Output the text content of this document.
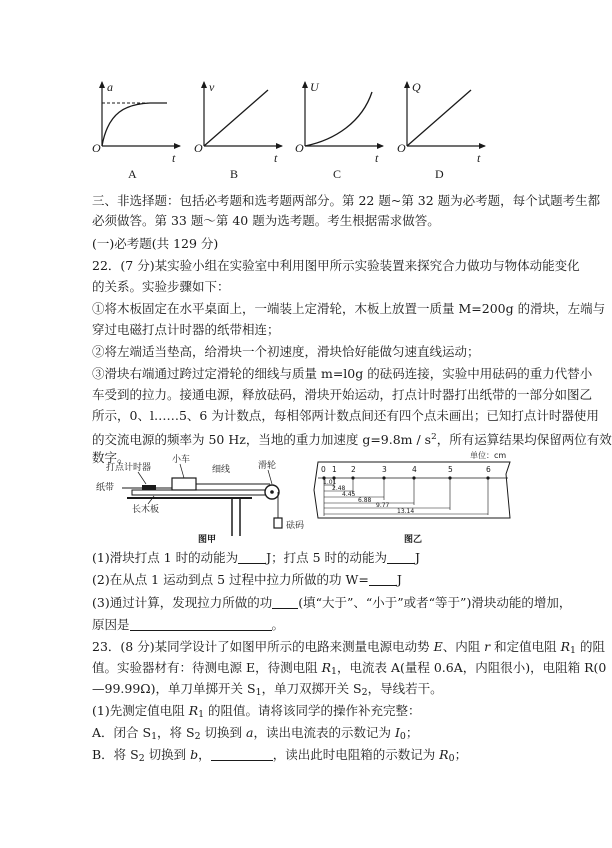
a
O
t
A
v
O
t
B
U
O
t
C
Q
O
t
D
三、非选择题：包括必考题和选考题两部分。第 22 题~第 32 题为必考题，每个试题考生都
必须做答。第 33 题～第 40 题为选考题。考生根据需求做答。
(一)必考题(共 129 分)
22．(7 分)某实验小组在实验室中利用图甲所示实验装置来探究合力做功与物体动能变化
的关系。实验步骤如下：
①将木板固定在水平桌面上，一端装上定滑轮，木板上放置一质量 M=200g 的滑块，左端与
穿过电磁打点计时器的纸带相连；
②将左端适当垫高，给滑块一个初速度，滑块恰好能做匀速直线运动；
③滑块右端通过跨过定滑轮的细线与质量 m=l0g 的砝码连接，实验中用砝码的重力代替小
车受到的拉力。接通电源，释放砝码，滑块开始运动，打点计时器打出纸带的一部分如图乙
所示，0、l……5、6 为计数点，每相邻两计数点间还有四个点未画出；已知打点计时器使用
的交流电源的频率为 50 Hz，当地的重力加速度 $g=9.8m / s^2$，所有运算结果均保留两位有效
数字。
打点计时器
小车
细线	滑轮
纸带
长木板
砝码
图甲
单位：cm
0 1 2	3	4	5	6
1.01
2.48
4.45
6.88
9.77
13.14
图乙
(1)滑块打点 1 时的动能为 J；打点 5 时的动能为 J
(2)在从点 1 运动到点 5 过程中拉力所做的功 W= J
(3)通过计算，发现拉力所做的功 (填“大于”、“小于”或者“等于”)滑块动能的增加，
原因是	。
23．(8 分)某同学设计了如图甲所示的电路来测量电源电动势 E、内阻 r 和定值电阻 $R_1$ 的阻
值。实验器材有：待测电源 E，待测电阻 $R_1$，电流表 A(量程 0.6A，内阻很小)，电阻箱 R(0
—99.99Ω)，单刀单掷开关 $S_1$，单刀双掷开关 $S_2$，导线若干。
(1)先测定值电阻 $R_1$ 的阻值。请将该同学的操作补充完整：
A．闭合 $S_1$，将 $S_2$ 切换到 a，读出电流表的示数记为 $I_0$；
B．将 $S_2$ 切换到 b，	，读出此时电阻箱的示数记为 $R_0$；
